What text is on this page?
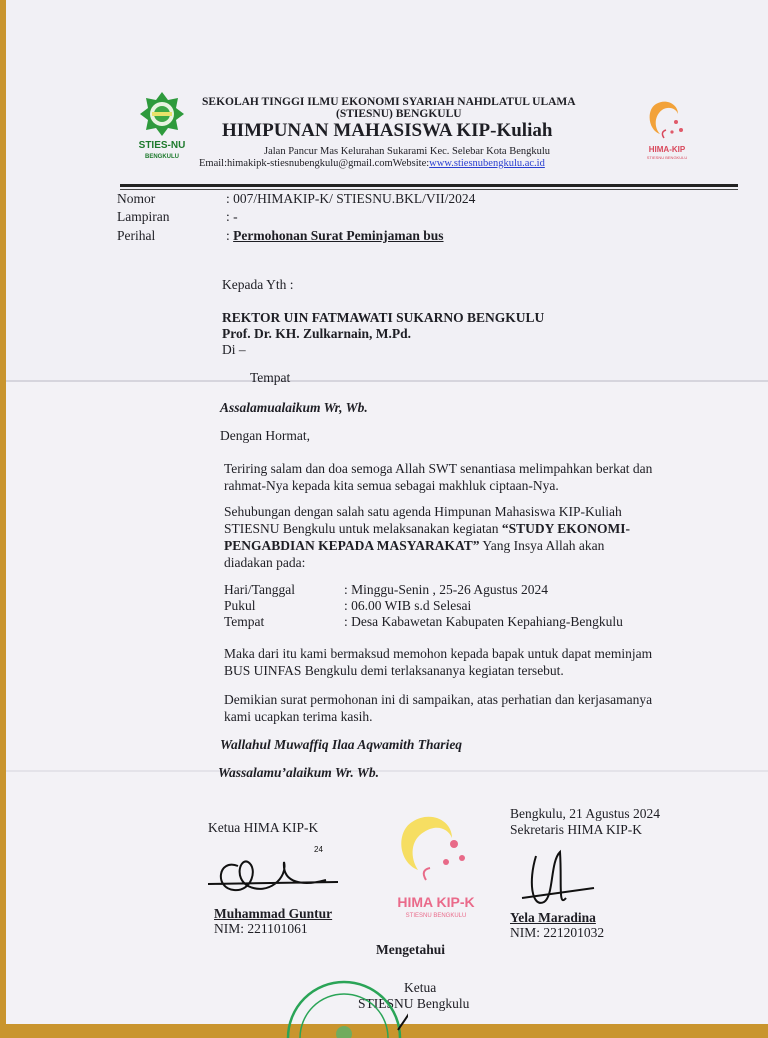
STIES-NU
BENGKULU
HIMA-KIP
STIESNU BENGKULU
SEKOLAH TINGGI ILMU EKONOMI SYARIAH NAHDLATUL ULAMA
(STIESNU) BENGKULU
HIMPUNAN MAHASISWA KIP-Kuliah
Jalan Pancur Mas Kelurahan Sukarami Kec. Selebar Kota Bengkulu
Email:himakipk-stiesnubengkulu@gmail.comWebsite:www.stiesnubengkulu.ac.id
Nomor	: 007/HIMAKIP-K/ STIESNU.BKL/VII/2024
Lampiran	: -
Perihal	: Permohonan Surat Peminjaman bus
Kepada Yth :
REKTOR UIN FATMAWATI SUKARNO BENGKULU
Prof. Dr. KH. Zulkarnain, M.Pd.
Di –
Tempat
Assalamualaikum Wr, Wb.
Dengan Hormat,
Teriring salam dan doa semoga Allah SWT senantiasa melimpahkan berkat dan
rahmat-Nya kepada kita semua sebagai makhluk ciptaan-Nya.
Sehubungan dengan salah satu agenda Himpunan Mahasiswa KIP-Kuliah
STIESNU Bengkulu untuk melaksanakan kegiatan “STUDY EKONOMI-
PENGABDIAN KEPADA MASYARAKAT” Yang Insya Allah akan
diadakan pada:
Hari/Tanggal	: Minggu-Senin , 25-26 Agustus 2024
Pukul	: 06.00 WIB s.d Selesai
Tempat	: Desa Kabawetan Kabupaten Kepahiang-Bengkulu
Maka dari itu kami bermaksud memohon kepada bapak untuk dapat meminjam
BUS UINFAS Bengkulu demi terlaksananya kegiatan tersebut.
Demikian surat permohonan ini di sampaikan, atas perhatian dan kerjasamanya
kami ucapkan terima kasih.
Wallahul Muwaffiq Ilaa Aqwamith Tharieq
Wassalamu’alaikum Wr. Wb.
Ketua HIMA KIP-K
24
Muhammad Guntur
NIM: 221101061
HIMA KIP-K
STIESNU BENGKULU
Bengkulu, 21 Agustus 2024
Sekretaris HIMA KIP-K
Yela Maradina
NIM: 221201032
Mengetahui
Ketua
STIESNU Bengkulu
